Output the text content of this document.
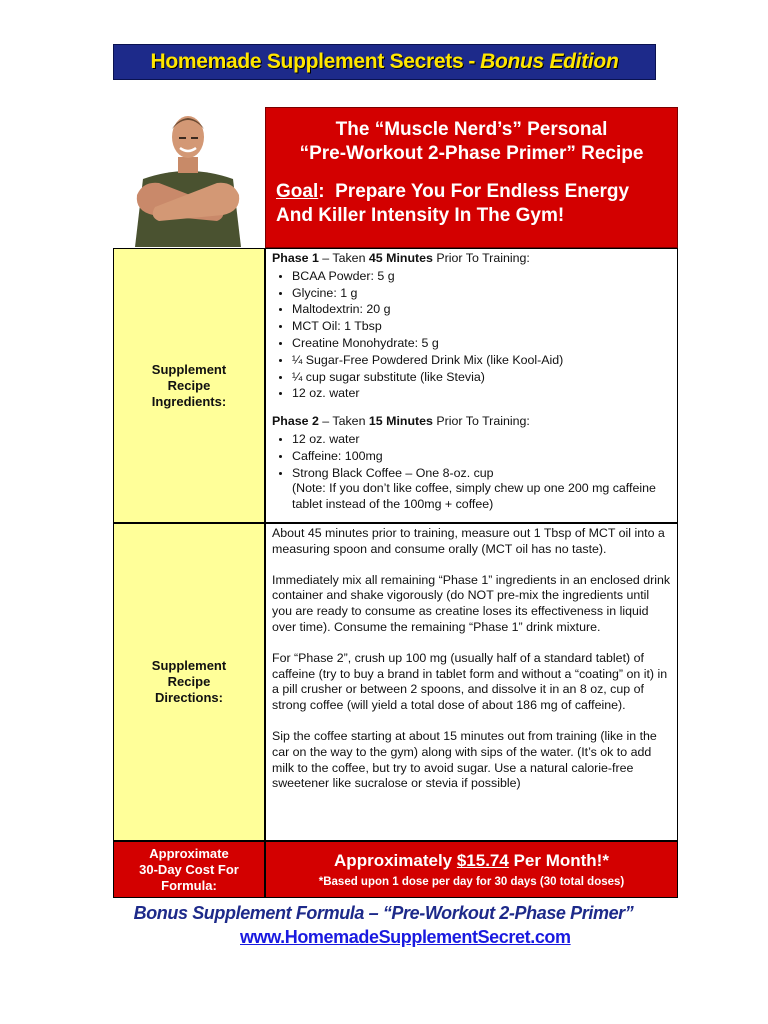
Homemade
Supplement
Secrets - Bonus Edition
The “Muscle Nerd’s” Personal
“Pre-Workout 2-Phase Primer” Recipe
Goal: Prepare You For Endless Energy
And Killer Intensity In The Gym!
Supplement
Recipe
Ingredients:

Phase 1 – Taken 45 Minutes Prior To Training:

• BCAA Powder: 5 g
• Glycine: 1 g
• Maltodextrin: 20 g
• MCT Oil: 1 Tbsp
• Creatine Monohydrate: 5 g
• ¼ Sugar-Free Powdered Drink Mix (like Kool-Aid)
• ¼ cup sugar substitute (like Stevia)
• 12 oz. water

Phase 2 – Taken 15 Minutes Prior To Training:

• 12 oz. water
• Caffeine: 100mg
• Strong Black Coffee – One 8-oz. cup
(Note: If you don’t like coffee, simply chew up one 200 mg caffeine tablet instead of the 100mg + coffee)
Supplement
Recipe
Directions:

About 45 minutes prior to training, measure out 1 Tbsp of MCT oil into a measuring spoon and consume orally (MCT oil has no taste).

Immediately mix all remaining “Phase 1” ingredients in an enclosed drink container and shake vigorously (do NOT pre-mix the ingredients until you are ready to consume as creatine loses its effectiveness in liquid over time). Consume the remaining “Phase 1” drink mixture.

For “Phase 2”, crush up 100 mg (usually half of a standard tablet) of caffeine (try to buy a brand in tablet form and without a “coating” on it) in a pill crusher or between 2 spoons, and dissolve it in an 8 oz, cup of strong coffee (will yield a total dose of about 186 mg of caffeine).

Sip the coffee starting at about 15 minutes out from training (like in the car on the way to the gym) along with sips of the water. (It’s ok to add milk to the coffee, but try to avoid sugar. Use a natural calorie-free sweetener like sucralose or stevia if possible)

Approximate
30-Day Cost For
Formula:
Approximately $15.74 Per Month!*
*Based upon 1 dose per day for 30 days (30 total doses)
Bonus Supplement Formula – “Pre-Workout 2-Phase Primer”
www.HomemadeSupplementSecret.com
